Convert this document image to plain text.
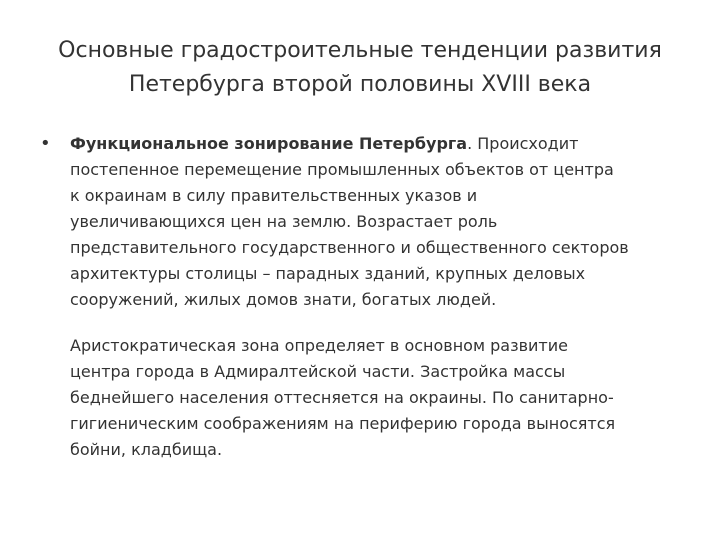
Основные градостроительные тенденции развития
Петербурга второй половины XVIII века
• Функциональное зонирование Петербурга. Происходит
постепенное перемещение промышленных объектов от центра
к окраинам в силу правительственных указов и
увеличивающихся цен на землю. Возрастает роль
представительного государственного и общественного секторов
архитектуры столицы – парадных зданий, крупных деловых
сооружений, жилых домов знати, богатых людей.
Аристократическая зона определяет в основном развитие
центра города в Адмиралтейской части. Застройка массы
беднейшего населения оттесняется на окраины. По санитарно-
гигиеническим соображениям на периферию города выносятся
бойни, кладбища.
